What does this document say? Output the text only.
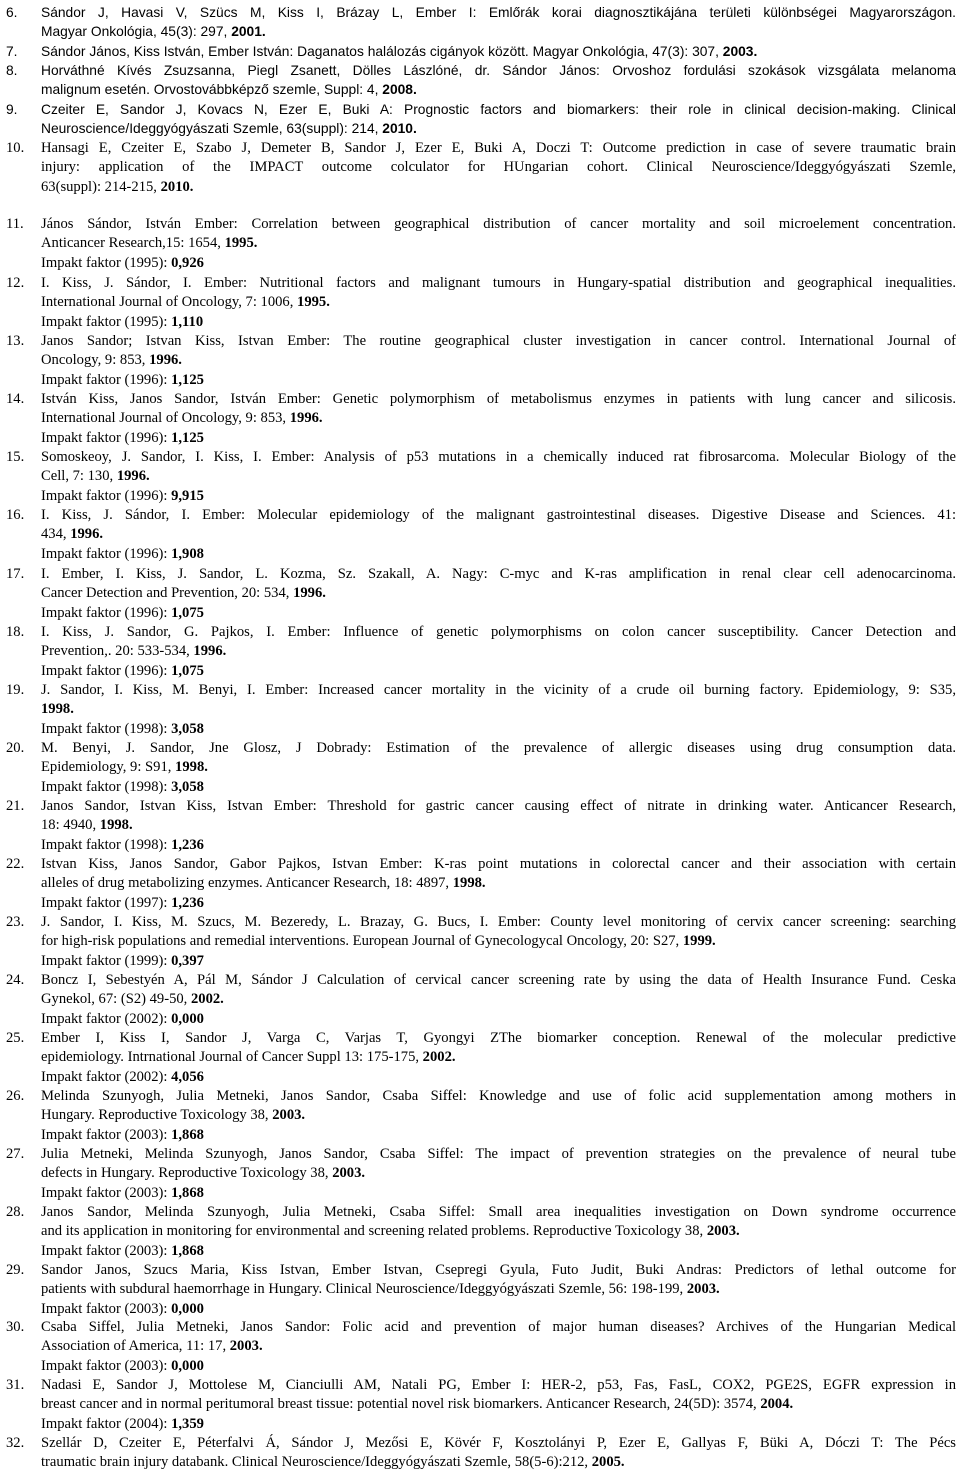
6. Sándor J, Havasi V, Szücs M, Kiss I, Brázay L, Ember I: Emlőrák korai diagnosztikájána területi különbségei Magyarországon.
Magyar Onkológia, 45(3): 297, 2001.
7. Sándor János, Kiss István, Ember István: Daganatos halálozás cigányok között. Magyar Onkológia, 47(3): 307, 2003.
8. Horváthné Kívés Zsuzsanna, Piegl Zsanett, Dölles Lászlóné, dr. Sándor János: Orvoshoz fordulási szokások vizsgálata melanoma
malignum esetén. Orvostovábbképző szemle, Suppl: 4, 2008.
9. Czeiter E, Sandor J, Kovacs N, Ezer E, Buki A: Prognostic factors and biomarkers: their role in clinical decision-making. Clinical
Neuroscience/Ideggyógyászati Szemle, 63(suppl): 214, 2010.
10. Hansagi E, Czeiter E, Szabo J, Demeter B, Sandor J, Ezer E, Buki A, Doczi T: Outcome prediction in case of severe traumatic brain
injury: application of the IMPACT outcome colculator for HUngarian cohort. Clinical Neuroscience/Ideggyógyászati Szemle,
63(suppl): 214-215, 2010.
11. János Sándor, István Ember: Correlation between geographical distribution of cancer mortality and soil microelement concentration.
Anticancer Research,15: 1654, 1995.
Impakt faktor (1995): 0,926
12. I. Kiss, J. Sándor, I. Ember: Nutritional factors and malignant tumours in Hungary-spatial distribution and geographical inequalities.
International Journal of Oncology, 7: 1006, 1995.
Impakt faktor (1995): 1,110
13. Janos Sandor; Istvan Kiss, Istvan Ember: The routine geographical cluster investigation in cancer control. International Journal of
Oncology, 9: 853, 1996.
Impakt faktor (1996): 1,125
14. István Kiss, Janos Sandor, István Ember: Genetic polymorphism of metabolismus enzymes in patients with lung cancer and silicosis.
International Journal of Oncology, 9: 853, 1996.
Impakt faktor (1996): 1,125
15. Somoskeoy, J. Sandor, I. Kiss, I. Ember: Analysis of p53 mutations in a chemically induced rat fibrosarcoma. Molecular Biology of the
Cell, 7: 130, 1996.
Impakt faktor (1996): 9,915
16. I. Kiss, J. Sándor, I. Ember: Molecular epidemiology of the malignant gastrointestinal diseases. Digestive Disease and Sciences. 41:
434, 1996.
Impakt faktor (1996): 1,908
17. I. Ember, I. Kiss, J. Sandor, L. Kozma, Sz. Szakall, A. Nagy: C-myc and K-ras amplification in renal clear cell adenocarcinoma.
Cancer Detection and Prevention, 20: 534, 1996.
Impakt faktor (1996): 1,075
18. I. Kiss, J. Sandor, G. Pajkos, I. Ember: Influence of genetic polymorphisms on colon cancer susceptibility. Cancer Detection and
Prevention,. 20: 533-534, 1996.
Impakt faktor (1996): 1,075
19. J. Sandor, I. Kiss, M. Benyi, I. Ember: Increased cancer mortality in the vicinity of a crude oil burning factory. Epidemiology, 9: S35,
1998.
Impakt faktor (1998): 3,058
20. M. Benyi, J. Sandor, Jne Glosz, J Dobrady: Estimation of the prevalence of allergic diseases using drug consumption data.
Epidemiology, 9: S91, 1998.
Impakt faktor (1998): 3,058
21. Janos Sandor, Istvan Kiss, Istvan Ember: Threshold for gastric cancer causing effect of nitrate in drinking water. Anticancer Research,
18: 4940, 1998.
Impakt faktor (1998): 1,236
22. Istvan Kiss, Janos Sandor, Gabor Pajkos, Istvan Ember: K-ras point mutations in colorectal cancer and their association with certain
alleles of drug metabolizing enzymes. Anticancer Research, 18: 4897, 1998.
Impakt faktor (1997): 1,236
23. J. Sandor, I. Kiss, M. Szucs, M. Bezeredy, L. Brazay, G. Bucs, I. Ember: County level monitoring of cervix cancer screening: searching
for high-risk populations and remedial interventions. European Journal of Gynecologycal Oncology, 20: S27, 1999.
Impakt faktor (1999): 0,397
24. Boncz I, Sebestyén A, Pál M, Sándor J Calculation of cervical cancer screening rate by using the data of Health Insurance Fund. Ceska
Gynekol, 67: (S2) 49-50, 2002.
Impakt faktor (2002): 0,000
25. Ember I, Kiss I, Sandor J, Varga C, Varjas T, Gyongyi ZThe biomarker conception. Renewal of the molecular predictive
epidemiology. Intrnational Journal of Cancer Suppl 13: 175-175, 2002.
Impakt faktor (2002): 4,056
26. Melinda Szunyogh, Julia Metneki, Janos Sandor, Csaba Siffel: Knowledge and use of folic acid supplementation among mothers in
Hungary. Reproductive Toxicology 38, 2003.
Impakt faktor (2003): 1,868
27. Julia Metneki, Melinda Szunyogh, Janos Sandor, Csaba Siffel: The impact of prevention strategies on the prevalence of neural tube
defects in Hungary. Reproductive Toxicology 38, 2003.
Impakt faktor (2003): 1,868
28. Janos Sandor, Melinda Szunyogh, Julia Metneki, Csaba Siffel: Small area inequalities investigation on Down syndrome occurrence
and its application in monitoring for environmental and screening related problems. Reproductive Toxicology 38, 2003.
Impakt faktor (2003): 1,868
29. Sandor Janos, Szucs Maria, Kiss Istvan, Ember Istvan, Csepregi Gyula, Futo Judit, Buki Andras: Predictors of lethal outcome for
patients with subdural haemorrhage in Hungary. Clinical Neuroscience/Ideggyógyászati Szemle, 56: 198-199, 2003.
Impakt faktor (2003): 0,000
30. Csaba Siffel, Julia Metneki, Janos Sandor: Folic acid and prevention of major human diseases? Archives of the Hungarian Medical
Association of America, 11: 17, 2003.
Impakt faktor (2003): 0,000
31. Nadasi E, Sandor J, Mottolese M, Cianciulli AM, Natali PG, Ember I: HER-2, p53, Fas, FasL, COX2, PGE2S, EGFR expression in
breast cancer and in normal peritumoral breast tissue: potential novel risk biomarkers. Anticancer Research, 24(5D): 3574, 2004.
Impakt faktor (2004): 1,359
32. Szellár D, Czeiter E, Péterfalvi Á, Sándor J, Mezősi E, Kövér F, Kosztolányi P, Ezer E, Gallyas F, Büki A, Dóczi T: The Pécs
traumatic brain injury databank. Clinical Neuroscience/Ideggyógyászati Szemle, 58(5-6):212, 2005.
